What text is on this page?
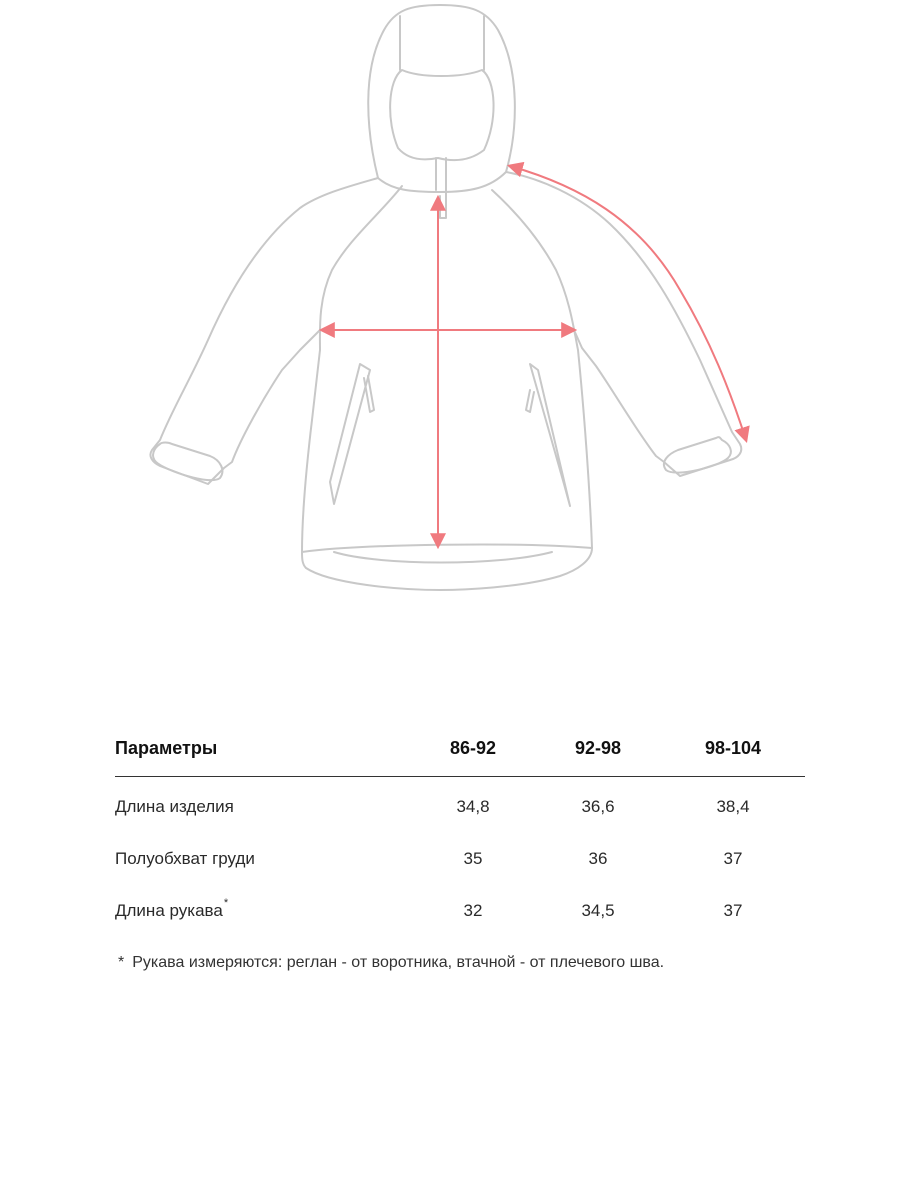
Параметры	86-92	92-98	98-104
Длина изделия	34,8	36,6	38,4
Полуобхват груди	35	36	37
Длина рукава*	32	34,5	37
* Рукава измеряются: реглан - от воротника, втачной - от плечевого шва.
